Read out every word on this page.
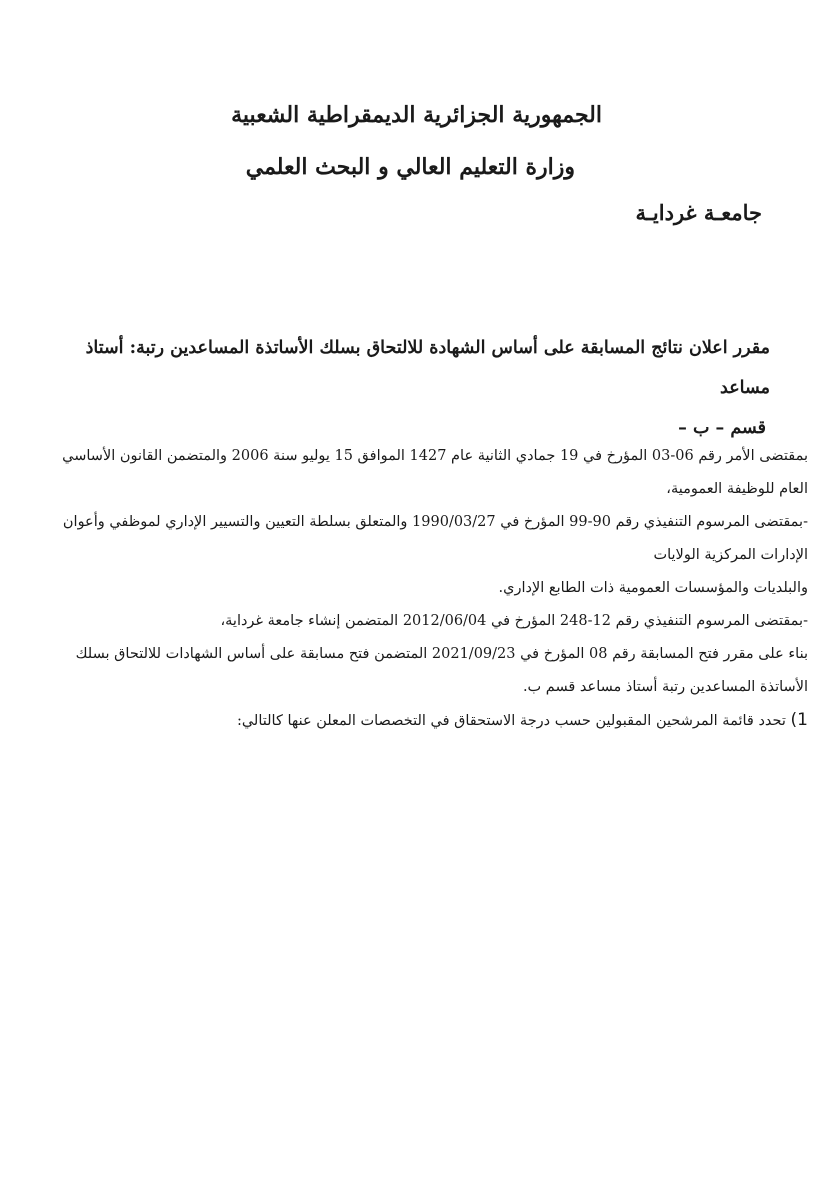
الجمهورية الجزائرية الديمقراطية الشعبية
وزارة التعليم العالي و البحث العلمي
جامعـة غردايـة
مقرر اعلان نتائج المسابقة على أساس الشهادة للالتحاق بسلك الأساتذة المساعدين رتبة: أستاذ مساعد
قسم – ب –

بمقتضى الأمر رقم 06-03 المؤرخ في 19 جمادي الثانية عام 1427 الموافق 15 يوليو سنة 2006 والمتضمن القانون الأساسي

العام للوظيفة العمومية،

-بمقتضى المرسوم التنفيذي رقم 90-99 المؤرخ في 1990/03/27 والمتعلق بسلطة التعيين والتسيير الإداري لموظفي وأعوان

الإدارات المركزية الولايات

والبلديات والمؤسسات العمومية ذات الطابع الإداري.

-بمقتضى المرسوم التنفيذي رقم 12-248 المؤرخ في 2012/06/04 المتضمن إنشاء جامعة غرداية،

بناء على مقرر فتح المسابقة رقم 08 المؤرخ في 2021/09/23 المتضمن فتح مسابقة على أساس الشهادات للالتحاق بسلك

الأساتذة المساعدين رتبة أستاذ مساعد قسم ب.

1) تحدد قائمة المرشحين المقبولين حسب درجة الاستحقاق في التخصصات المعلن عنها كالتالي:
